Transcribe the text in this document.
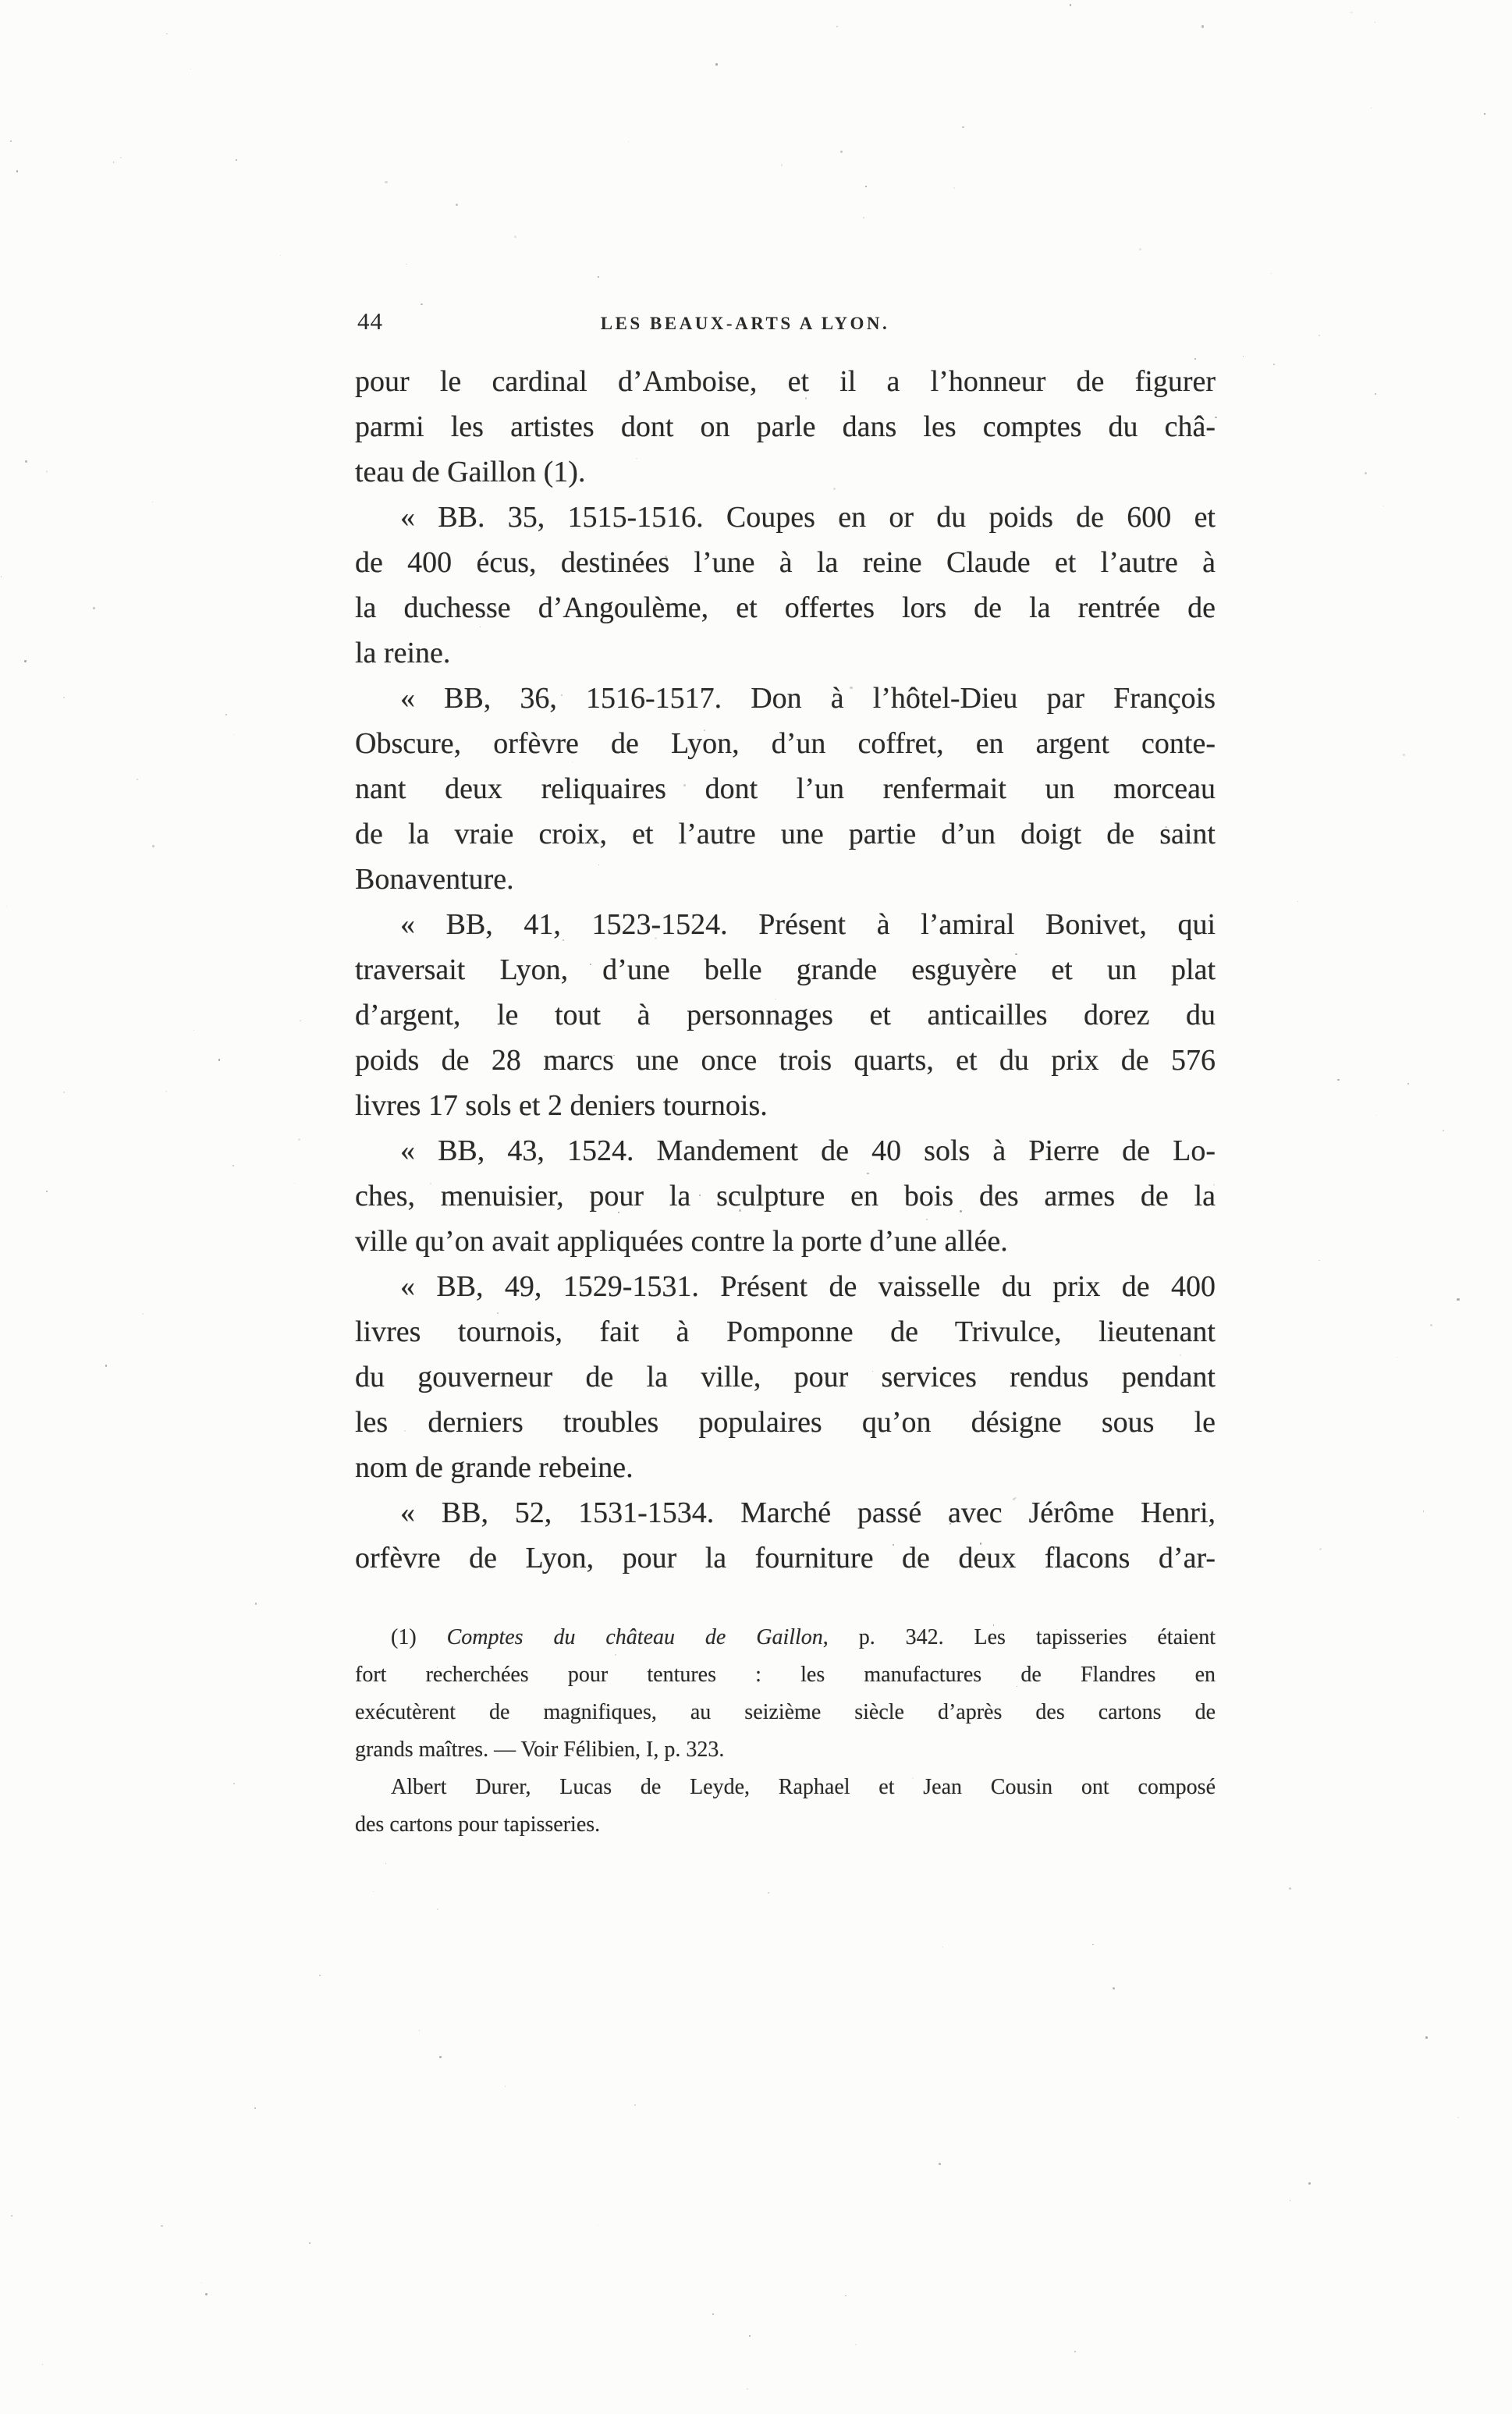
44	LES BEAUX-ARTS A LYON.
pour le cardinal d’Amboise, et il a l’honneur de figurer
parmi les artistes dont on parle dans les comptes du châ-
teau de Gaillon (1).
« BB. 35, 1515-1516. Coupes en or du poids de 600 et
de 400 écus, destinées l’une à la reine Claude et l’autre à
la duchesse d’Angoulème, et offertes lors de la rentrée de
la reine.
« BB, 36, 1516-1517. Don à l’hôtel-Dieu par François
Obscure, orfèvre de Lyon, d’un coffret, en argent conte-
nant deux reliquaires dont l’un renfermait un morceau
de la vraie croix, et l’autre une partie d’un doigt de saint
Bonaventure.
« BB, 41, 1523-1524. Présent à l’amiral Bonivet, qui
traversait Lyon, d’une belle grande esguyère et un plat
d’argent, le tout à personnages et anticailles dorez du
poids de 28 marcs une once trois quarts, et du prix de 576
livres 17 sols et 2 deniers tournois.
« BB, 43, 1524. Mandement de 40 sols à Pierre de Lo-
ches, menuisier, pour la sculpture en bois des armes de la
ville qu’on avait appliquées contre la porte d’une allée.
« BB, 49, 1529-1531. Présent de vaisselle du prix de 400
livres tournois, fait à Pomponne de Trivulce, lieutenant
du gouverneur de la ville, pour services rendus pendant
les derniers troubles populaires qu’on désigne sous le
nom de grande rebeine.
« BB, 52, 1531-1534. Marché passé avec Jérôme Henri,
orfèvre de Lyon, pour la fourniture de deux flacons d’ar-
(1) Comptes du château de Gaillon, p. 342. Les tapisseries étaient
fort recherchées pour tentures : les manufactures de Flandres en
exécutèrent de magnifiques, au seizième siècle d’après des cartons de
grands maîtres. — Voir Félibien, I, p. 323.
Albert Durer, Lucas de Leyde, Raphael et Jean Cousin ont composé
des cartons pour tapisseries.
